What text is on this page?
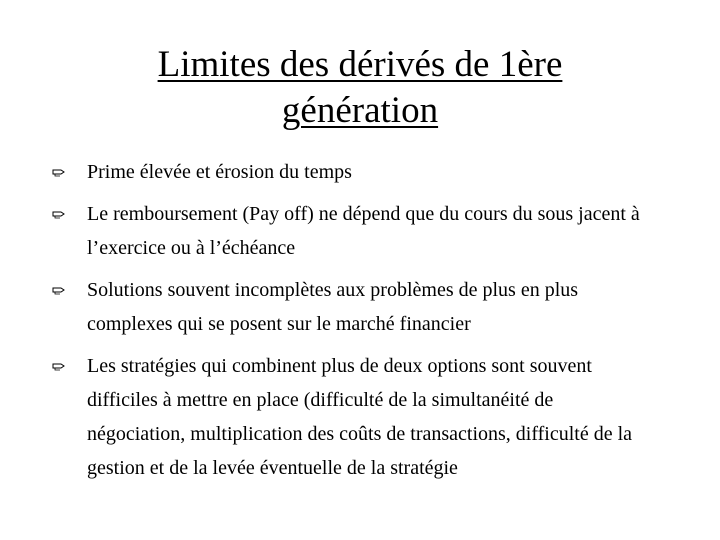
Limites des dérivés de 1ère
génération
Prime élevée et érosion du temps
Le remboursement (Pay off) ne dépend que du cours du sous jacent à l’exercice ou à l’échéance
Solutions souvent incomplètes aux problèmes de plus en plus complexes qui se posent sur le marché financier
Les stratégies qui combinent plus de deux options sont souvent difficiles à mettre en place (difficulté de la simultanéité de négociation, multiplication des coûts de transactions, difficulté de la gestion et de la levée éventuelle de la stratégie
